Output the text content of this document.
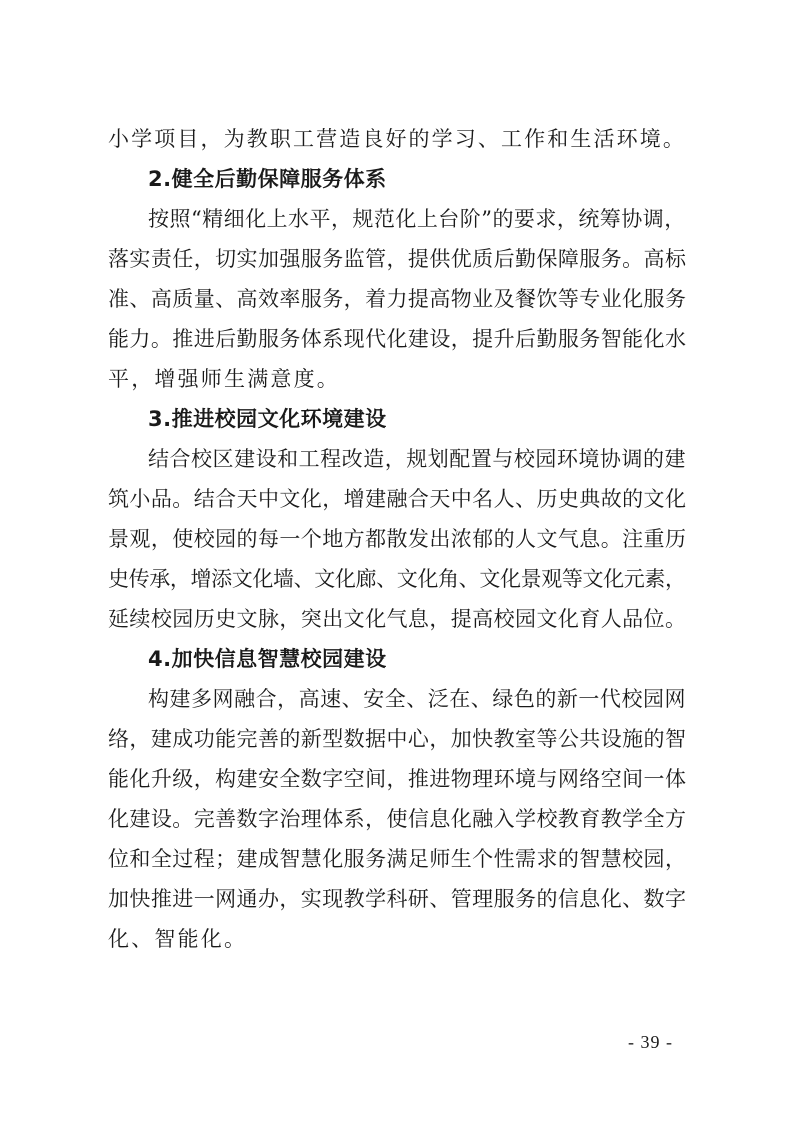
小学项目，为教职工营造良好的学习、工作和生活环境。
2.健全后勤保障服务体系
按照“精细化上水平，规范化上台阶”的要求，统筹协调，
落实责任，切实加强服务监管，提供优质后勤保障服务。高标
准、高质量、高效率服务，着力提高物业及餐饮等专业化服务
能力。推进后勤服务体系现代化建设，提升后勤服务智能化水
平，增强师生满意度。
3.推进校园文化环境建设
结合校区建设和工程改造，规划配置与校园环境协调的建
筑小品。结合天中文化，增建融合天中名人、历史典故的文化
景观，使校园的每一个地方都散发出浓郁的人文气息。注重历
史传承，增添文化墙、文化廊、文化角、文化景观等文化元素，
延续校园历史文脉，突出文化气息，提高校园文化育人品位。
4.加快信息智慧校园建设
构建多网融合，高速、安全、泛在、绿色的新一代校园网
络，建成功能完善的新型数据中心，加快教室等公共设施的智
能化升级，构建安全数字空间，推进物理环境与网络空间一体
化建设。完善数字治理体系，使信息化融入学校教育教学全方
位和全过程；建成智慧化服务满足师生个性需求的智慧校园，
加快推进一网通办，实现教学科研、管理服务的信息化、数字
化、智能化。
- 39 -
